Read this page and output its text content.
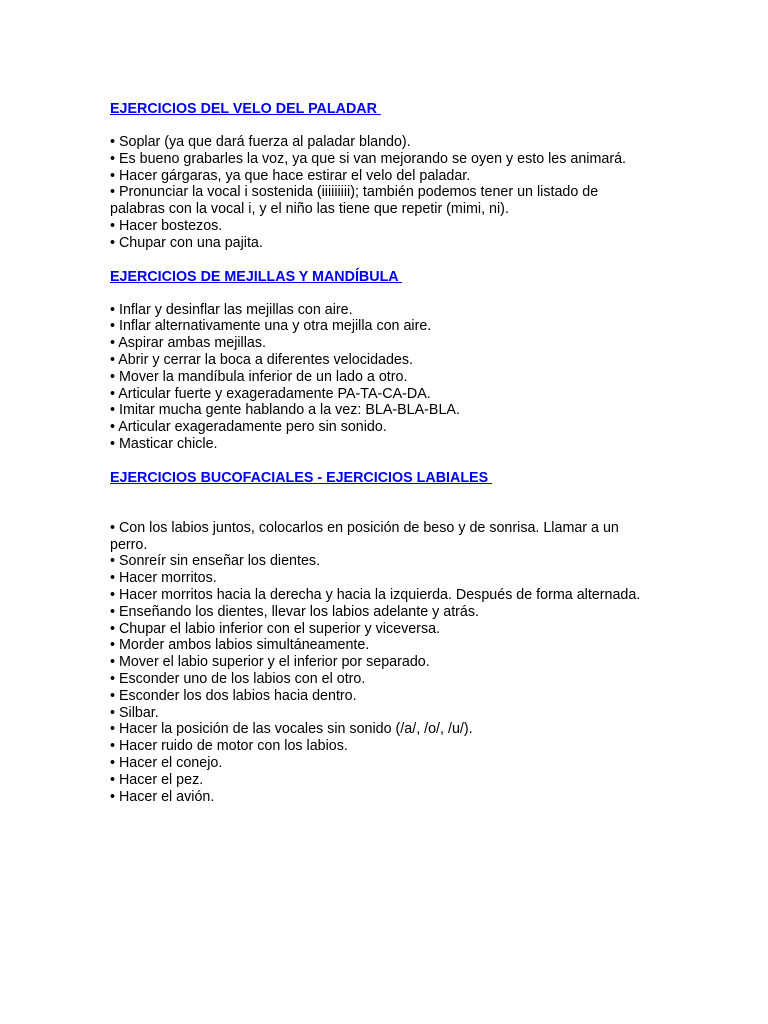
EJERCICIOS DEL VELO DEL PALADAR
• Soplar (ya que dará fuerza al paladar blando).
• Es bueno grabarles la voz, ya que si van mejorando se oyen y esto les animará.
• Hacer gárgaras, ya que hace estirar el velo del paladar.
• Pronunciar la vocal i sostenida (iiiiiiiii); también podemos tener un listado de palabras con la vocal i, y el niño las tiene que repetir (mimi, ni).
• Hacer bostezos.
• Chupar con una pajita.
EJERCICIOS DE MEJILLAS Y MANDÍBULA
• Inflar y desinflar las mejillas con aire.
• Inflar alternativamente una y otra mejilla con aire.
• Aspirar ambas mejillas.
• Abrir y cerrar la boca a diferentes velocidades.
• Mover la mandíbula inferior de un lado a otro.
• Articular fuerte y exageradamente PA-TA-CA-DA.
• Imitar mucha gente hablando a la vez: BLA-BLA-BLA.
• Articular exageradamente pero sin sonido.
• Masticar chicle.
EJERCICIOS BUCOFACIALES - EJERCICIOS LABIALES
• Con los labios juntos, colocarlos en posición de beso y de sonrisa. Llamar a un perro.
• Sonreír sin enseñar los dientes.
• Hacer morritos.
• Hacer morritos hacia la derecha y hacia la izquierda. Después de forma alternada.
• Enseñando los dientes, llevar los labios adelante y atrás.
• Chupar el labio inferior con el superior y viceversa.
• Morder ambos labios simultáneamente.
• Mover el labio superior y el inferior por separado.
• Esconder uno de los labios con el otro.
• Esconder los dos labios hacia dentro.
• Silbar.
• Hacer la posición de las vocales sin sonido (/a/, /o/, /u/).
• Hacer ruido de motor con los labios.
• Hacer el conejo.
• Hacer el pez.
• Hacer el avión.
